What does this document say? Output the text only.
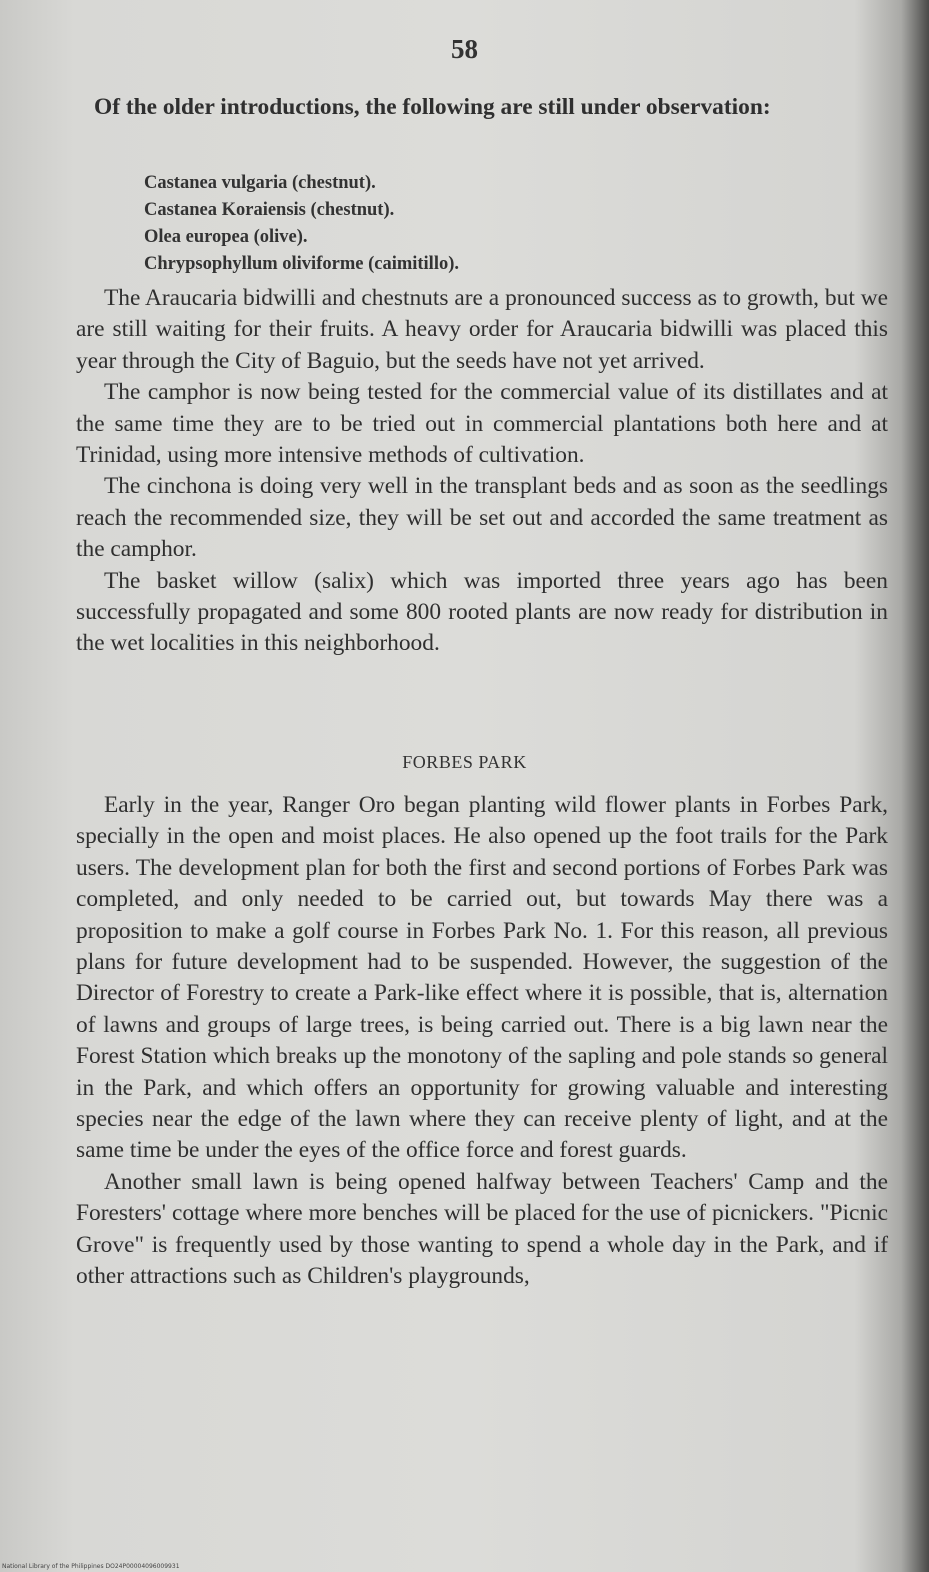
58

Of the older introductions, the following are still under observation:

Castanea vulgaria (chestnut).
Castanea Koraiensis (chestnut).
Olea europea (olive).
Chrypsophyllum oliviforme (caimitillo).

The Araucaria bidwilli and chestnuts are a pronounced success as to growth, but we are still waiting for their fruits. A heavy order for Araucaria bidwilli was placed this year through the City of Baguio, but the seeds have not yet arrived.

The camphor is now being tested for the commercial value of its distillates and at the same time they are to be tried out in commercial plantations both here and at Trinidad, using more intensive methods of cultivation.

The cinchona is doing very well in the transplant beds and as soon as the seedlings reach the recommended size, they will be set out and accorded the same treatment as the camphor.

The basket willow (salix) which was imported three years ago has been successfully propagated and some 800 rooted plants are now ready for distribution in the wet localities in this neighborhood.

FORBES PARK

Early in the year, Ranger Oro began planting wild flower plants in Forbes Park, specially in the open and moist places. He also opened up the foot trails for the Park users. The development plan for both the first and second portions of Forbes Park was completed, and only needed to be carried out, but towards May there was a proposition to make a golf course in Forbes Park No. 1. For this reason, all previous plans for future development had to be suspended. However, the suggestion of the Director of Forestry to create a Park-like effect where it is possible, that is, alternation of lawns and groups of large trees, is being carried out. There is a big lawn near the Forest Station which breaks up the monotony of the sapling and pole stands so general in the Park, and which offers an opportunity for growing valuable and interesting species near the edge of the lawn where they can receive plenty of light, and at the same time be under the eyes of the office force and forest guards.

Another small lawn is being opened halfway between Teachers' Camp and the Foresters' cottage where more benches will be placed for the use of picnickers. "Picnic Grove" is frequently used by those wanting to spend a whole day in the Park, and if other attractions such as Children's playgrounds,

National Library of the Philippines DO24P00004096009931
